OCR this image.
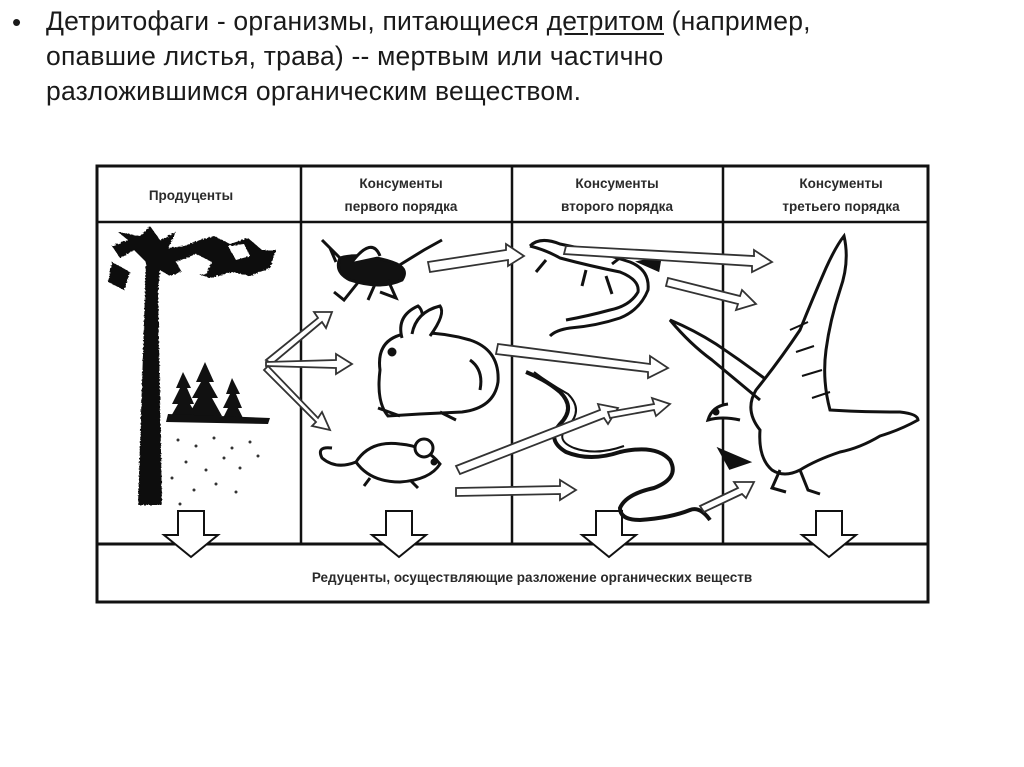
• Детритофаги - организмы, питающиеся детритом (например,
опавшие листья, трава) -- мертвым или частично
разложившимся органическим веществом.
Продуценты
Консументы
первого порядка
Консументы
второго порядка
Консументы
третьего порядка
Редуценты, осуществляющие разложение органических веществ
